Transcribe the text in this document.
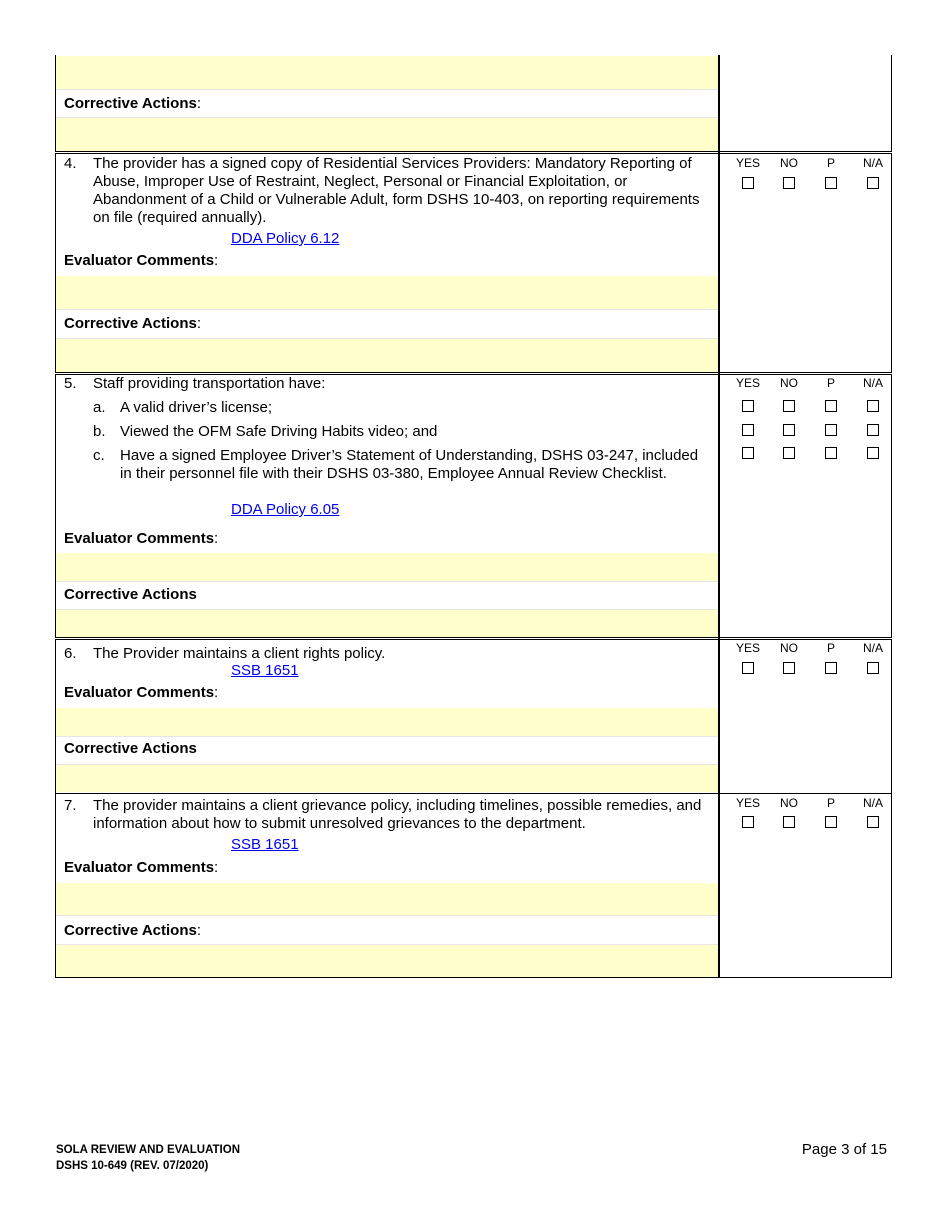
Corrective Actions:
4. The provider has a signed copy of Residential Services Providers: Mandatory Reporting of Abuse, Improper Use of Restraint, Neglect, Personal or Financial Exploitation, or Abandonment of a Child or Vulnerable Adult, form DSHS 10-403, on reporting requirements on file (required annually).
DDA Policy 6.12
Evaluator Comments:
Corrective Actions:
5. Staff providing transportation have:
a. A valid driver’s license;
b. Viewed the OFM Safe Driving Habits video; and
c. Have a signed Employee Driver’s Statement of Understanding, DSHS 03-247, included in their personnel file with their DSHS 03-380, Employee Annual Review Checklist.
DDA Policy 6.05
Evaluator Comments:
Corrective Actions
6. The Provider maintains a client rights policy.
SSB 1651
Evaluator Comments:
Corrective Actions
7. The provider maintains a client grievance policy, including timelines, possible remedies, and information about how to submit unresolved grievances to the department.
SSB 1651
Evaluator Comments:
Corrective Actions:
YES	NO	P	N/A
YES	NO	P	N/A
YES	NO	P	N/A
YES	NO	P	N/A
SOLA REVIEW AND EVALUATION
DSHS 10-649 (REV. 07/2020)
Page 3 of 15
